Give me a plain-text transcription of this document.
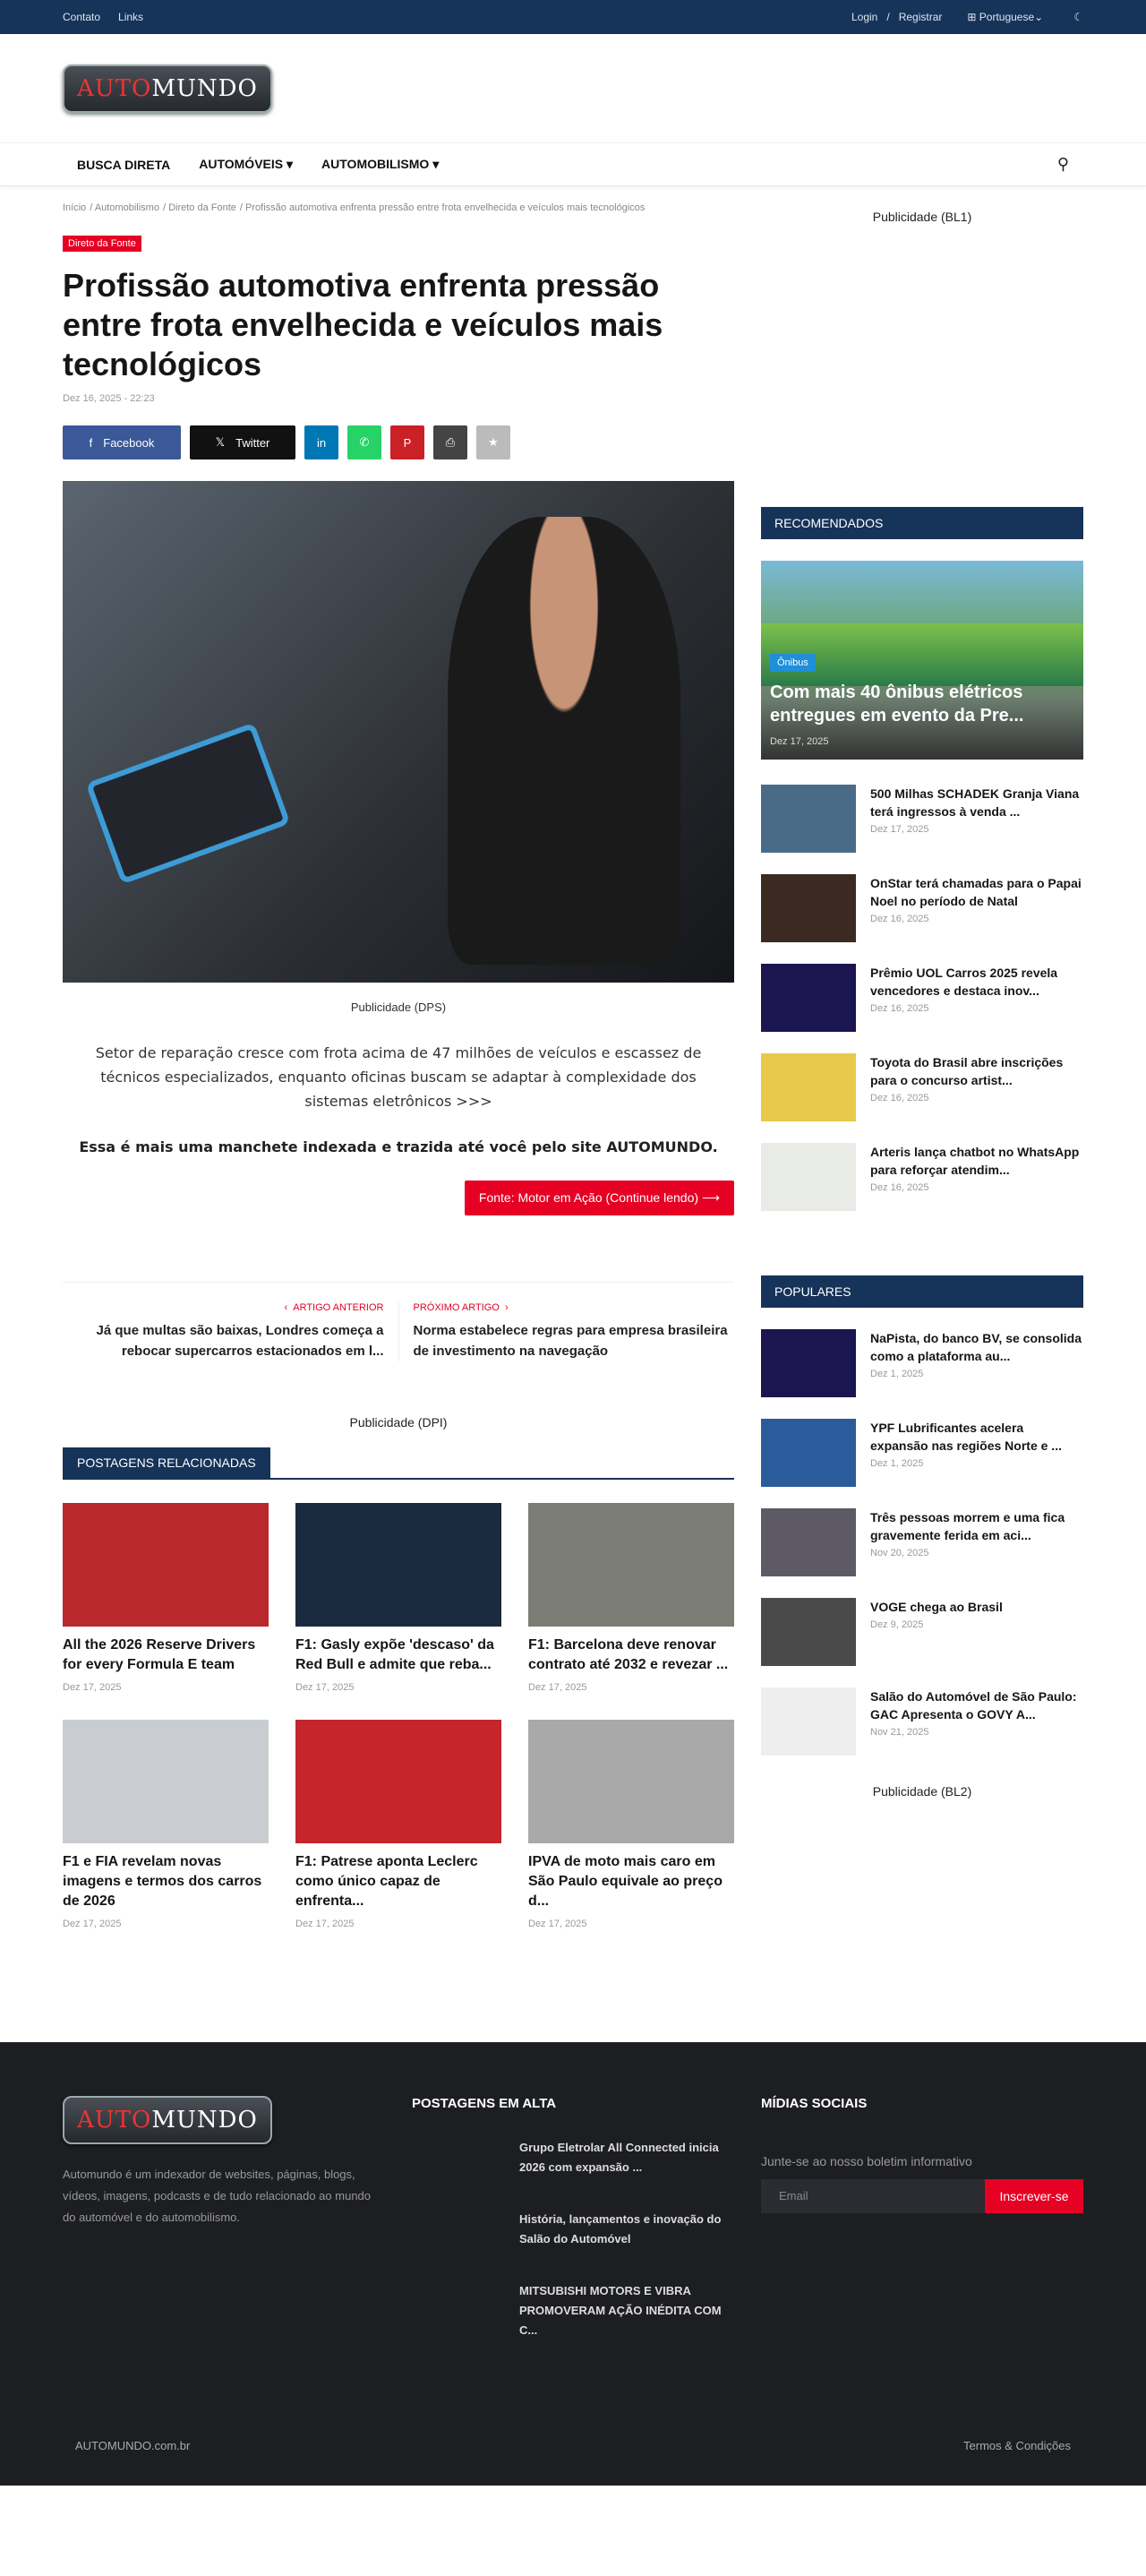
Contato Links	Login / Registrar ⊞ Portuguese⌄	☾
AUTOMUNDO
BUSCA DIRETA AUTOMÓVEIS ▾ AUTOMOBILISMO ▾	⚲
Início / Automobilismo / Direto da Fonte / Profissão automotiva enfrenta pressão entre frota envelhecida e veículos mais tecnológicos
Direto da Fonte
Profissão automotiva enfrenta pressão entre frota envelhecida e veículos mais tecnológicos
Dez 16, 2025 - 22:23
f Facebook	𝕏 Twitter	in	✆	P	⎙	★
Publicidade (DPS)
Setor de reparação cresce com frota acima de 47 milhões de veículos e escassez de técnicos especializados, enquanto oficinas buscam se adaptar à complexidade dos sistemas eletrônicos >>>
Essa é mais uma manchete indexada e trazida até você pelo site AUTOMUNDO.
Fonte: Motor em Ação (Continue lendo) ⟶
‹  ARTIGO ANTERIOR
Já que multas são baixas, Londres começa a rebocar supercarros estacionados em l...
PRÓXIMO ARTIGO  ›
Norma estabelece regras para empresa brasileira de investimento na navegação
Publicidade (DPI)
POSTAGENS RELACIONADAS
All the 2026 Reserve Drivers for every Formula E team
Dez 17, 2025
F1: Gasly expõe 'descaso' da Red Bull e admite que reba...
Dez 17, 2025
F1: Barcelona deve renovar contrato até 2032 e revezar ...
Dez 17, 2025
F1 e FIA revelam novas imagens e termos dos carros de 2026
Dez 17, 2025
F1: Patrese aponta Leclerc como único capaz de enfrenta...
Dez 17, 2025
IPVA de moto mais caro em São Paulo equivale ao preço d...
Dez 17, 2025
Publicidade (BL1)
RECOMENDADOS
Ônibus
Com mais 40 ônibus elétricos entregues em evento da Pre...
Dez 17, 2025
500 Milhas SCHADEK Granja Viana terá ingressos à venda ...
Dez 17, 2025
OnStar terá chamadas para o Papai Noel no período de Natal
Dez 16, 2025
Prêmio UOL Carros 2025 revela vencedores e destaca inov...
Dez 16, 2025
Toyota do Brasil abre inscrições para o concurso artist...
Dez 16, 2025
Arteris lança chatbot no WhatsApp para reforçar atendim...
Dez 16, 2025
POPULARES
NaPista, do banco BV, se consolida como a plataforma au...
Dez 1, 2025
YPF Lubrificantes acelera expansão nas regiões Norte e ...
Dez 1, 2025
Três pessoas morrem e uma fica gravemente ferida em aci...
Nov 20, 2025
VOGE chega ao Brasil
Dez 9, 2025
Salão do Automóvel de São Paulo: GAC Apresenta o GOVY A...
Nov 21, 2025
Publicidade (BL2)
AUTOMUNDO
Automundo é um indexador de websites, páginas, blogs, vídeos, imagens, podcasts e de tudo relacionado ao mundo do automóvel e do automobilismo.
POSTAGENS EM ALTA
Grupo Eletrolar All Connected inicia 2026 com expansão ...
História, lançamentos e inovação do Salão do Automóvel
MITSUBISHI MOTORS E VIBRA PROMOVERAM AÇÃO INÉDITA COM C...
MÍDIAS SOCIAIS
Junte-se ao nosso boletim informativo
Email	Inscrever-se
AUTOMUNDO.com.br	Termos & Condições
